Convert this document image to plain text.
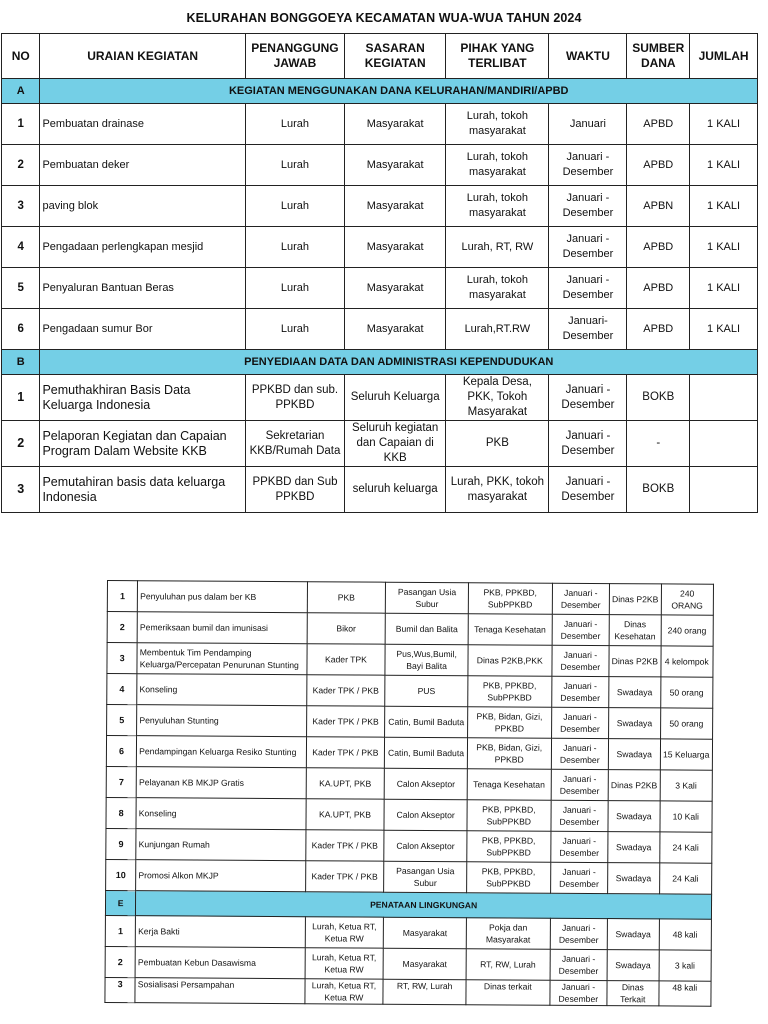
KELURAHAN BONGGOEYA KECAMATAN WUA-WUA TAHUN 2024
NO	URAIAN KEGIATAN	PENANGGUNG JAWAB	SASARAN KEGIATAN	PIHAK YANG TERLIBAT	WAKTU	SUMBER DANA	JUMLAH
A	KEGIATAN MENGGUNAKAN DANA KELURAHAN/MANDIRI/APBD						
1	Pembuatan drainase	Lurah	Masyarakat	Lurah, tokoh masyarakat	Januari	APBD	1 KALI
2	Pembuatan deker	Lurah	Masyarakat	Lurah, tokoh masyarakat	Januari - Desember	APBD	1 KALI
3	paving blok	Lurah	Masyarakat	Lurah, tokoh masyarakat	Januari - Desember	APBN	1 KALI
4	Pengadaan perlengkapan mesjid	Lurah	Masyarakat	Lurah, RT, RW	Januari - Desember	APBD	1 KALI
5	Penyaluran Bantuan Beras	Lurah	Masyarakat	Lurah, tokoh masyarakat	Januari - Desember	APBD	1 KALI
6	Pengadaan sumur Bor	Lurah	Masyarakat	Lurah,RT.RW	Januari- Desember	APBD	1 KALI
B	PENYEDIAAN DATA DAN ADMINISTRASI KEPENDUDUKAN						
1	Pemuthakhiran Basis Data Keluarga Indonesia	PPKBD dan sub. PPKBD	Seluruh Keluarga	Kepala Desa, PKK, Tokoh Masyarakat	Januari - Desember	BOKB	
2	Pelaporan Kegiatan dan Capaian Program Dalam Website KKB	Sekretarian KKB/Rumah Data	Seluruh kegiatan dan Capaian di KKB	PKB	Januari - Desember	-	
3	Pemutahiran basis data keluarga Indonesia	PPKBD dan Sub PPKBD	seluruh keluarga	Lurah, PKK, tokoh masyarakat	Januari - Desember	BOKB	
1	Penyuluhan pus dalam ber KB	PKB	Pasangan Usia Subur	PKB, PPKBD, SubPPKBD	Januari - Desember	Dinas P2KB	240 ORANG
2	Pemeriksaan bumil dan imunisasi	Bikor	Bumil dan Balita	Tenaga Kesehatan	Januari - Desember	Dinas Kesehatan	240 orang
3	Membentuk Tim Pendamping Keluarga/Percepatan Penurunan Stunting	Kader TPK	Pus,Wus,Bumil, Bayi Balita	Dinas P2KB,PKK	Januari - Desember	Dinas P2KB	4 kelompok
4	Konseling	Kader TPK / PKB	PUS	PKB, PPKBD, SubPPKBD	Januari - Desember	Swadaya	50 orang
5	Penyuluhan Stunting	Kader TPK / PKB	Catin, Bumil Baduta	PKB, Bidan, Gizi, PPKBD	Januari - Desember	Swadaya	50 orang
6	Pendampingan Keluarga Resiko Stunting	Kader TPK / PKB	Catin, Bumil Baduta	PKB, Bidan, Gizi, PPKBD	Januari - Desember	Swadaya	15 Keluarga
7	Pelayanan KB MKJP Gratis	KA.UPT, PKB	Calon Akseptor	Tenaga Kesehatan	Januari - Desember	Dinas P2KB	3 Kali
8	Konseling	KA.UPT, PKB	Calon Akseptor	PKB, PPKBD, SubPPKBD	Januari - Desember	Swadaya	10 Kali
9	Kunjungan Rumah	Kader TPK / PKB	Calon Akseptor	PKB, PPKBD, SubPPKBD	Januari - Desember	Swadaya	24 Kali
10	Promosi Alkon MKJP	Kader TPK / PKB	Pasangan Usia Subur	PKB, PPKBD, SubPPKBD	Januari - Desember	Swadaya	24 Kali
E	PENATAAN LINGKUNGAN						
1	Kerja Bakti	Lurah, Ketua RT, Ketua RW	Masyarakat	Pokja dan Masyarakat	Januari - Desember	Swadaya	48 kali
2	Pembuatan Kebun Dasawisma	Lurah, Ketua RT, Ketua RW	Masyarakat	RT, RW, Lurah	Januari - Desember	Swadaya	3 kali
3	Sosialisasi Persampahan	Lurah, Ketua RT, Ketua RW	RT, RW, Lurah	Dinas terkait	Januari - Desember	Dinas Terkait	48 kali
